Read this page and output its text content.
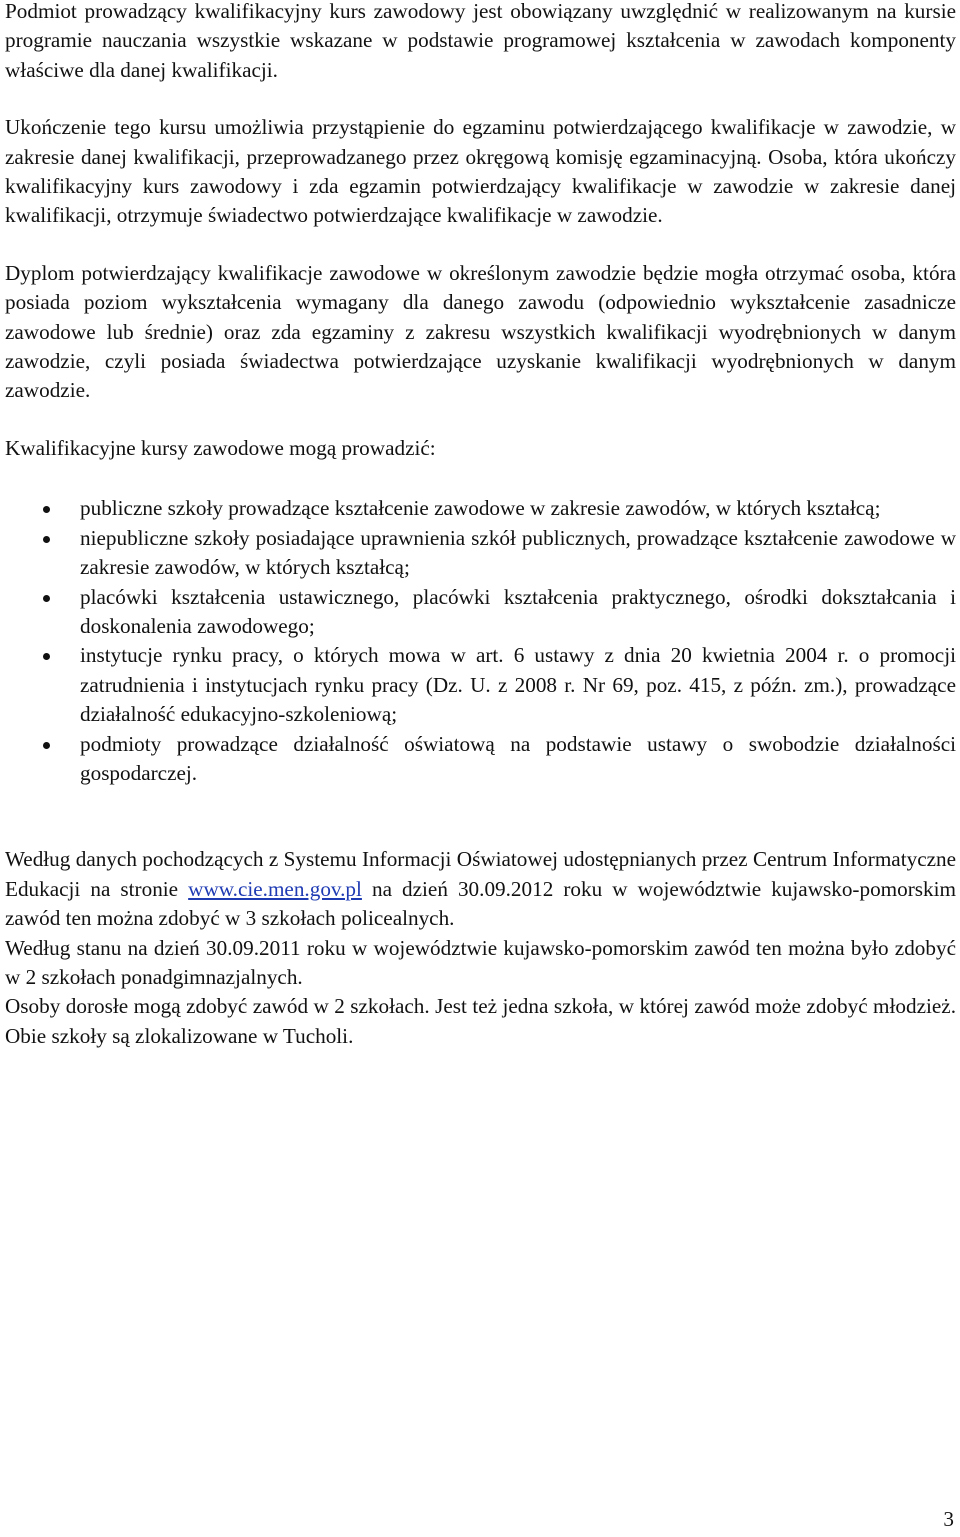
Podmiot prowadzący kwalifikacyjny kurs zawodowy jest obowiązany uwzględnić w realizowanym na kursie programie nauczania wszystkie wskazane w podstawie programowej kształcenia w zawodach komponenty właściwe dla danej kwalifikacji.

Ukończenie tego kursu umożliwia przystąpienie do egzaminu potwierdzającego kwalifikacje w zawodzie, w zakresie danej kwalifikacji, przeprowadzanego przez okręgową komisję egzaminacyjną. Osoba, która ukończy kwalifikacyjny kurs zawodowy i zda egzamin potwierdzający kwalifikacje w zawodzie w zakresie danej kwalifikacji, otrzymuje świadectwo potwierdzające kwalifikacje w zawodzie.

Dyplom potwierdzający kwalifikacje zawodowe w określonym zawodzie będzie mogła otrzymać osoba, która posiada poziom wykształcenia wymagany dla danego zawodu (odpowiednio wykształcenie zasadnicze zawodowe lub średnie) oraz zda egzaminy z zakresu wszystkich kwalifikacji wyodrębnionych w danym zawodzie, czyli posiada świadectwa potwierdzające uzyskanie kwalifikacji wyodrębnionych w danym zawodzie.

Kwalifikacyjne kursy zawodowe mogą prowadzić:

publiczne szkoły prowadzące kształcenie zawodowe w zakresie zawodów, w których kształcą;
niepubliczne szkoły posiadające uprawnienia szkół publicznych, prowadzące kształcenie zawodowe w zakresie zawodów, w których kształcą;
placówki kształcenia ustawicznego, placówki kształcenia praktycznego, ośrodki dokształcania i doskonalenia zawodowego;
instytucje rynku pracy, o których mowa w art. 6 ustawy z dnia 20 kwietnia 2004 r. o promocji zatrudnienia i instytucjach rynku pracy (Dz. U. z 2008 r. Nr 69, poz. 415, z późn. zm.), prowadzące działalność edukacyjno-szkoleniową;
podmioty prowadzące działalność oświatową na podstawie ustawy o swobodzie działalności gospodarczej.

Według danych pochodzących z Systemu Informacji Oświatowej udostępnianych przez Centrum Informatyczne Edukacji na stronie www.cie.men.gov.pl na dzień 30.09.2012 roku w województwie kujawsko-pomorskim zawód ten można zdobyć w 3 szkołach policealnych.

Według stanu na dzień 30.09.2011 roku w województwie kujawsko-pomorskim zawód ten można było zdobyć w 2 szkołach ponadgimnazjalnych.

Osoby dorosłe mogą zdobyć zawód w 2 szkołach. Jest też jedna szkoła, w której zawód może zdobyć młodzież. Obie szkoły są zlokalizowane w Tucholi.

3
